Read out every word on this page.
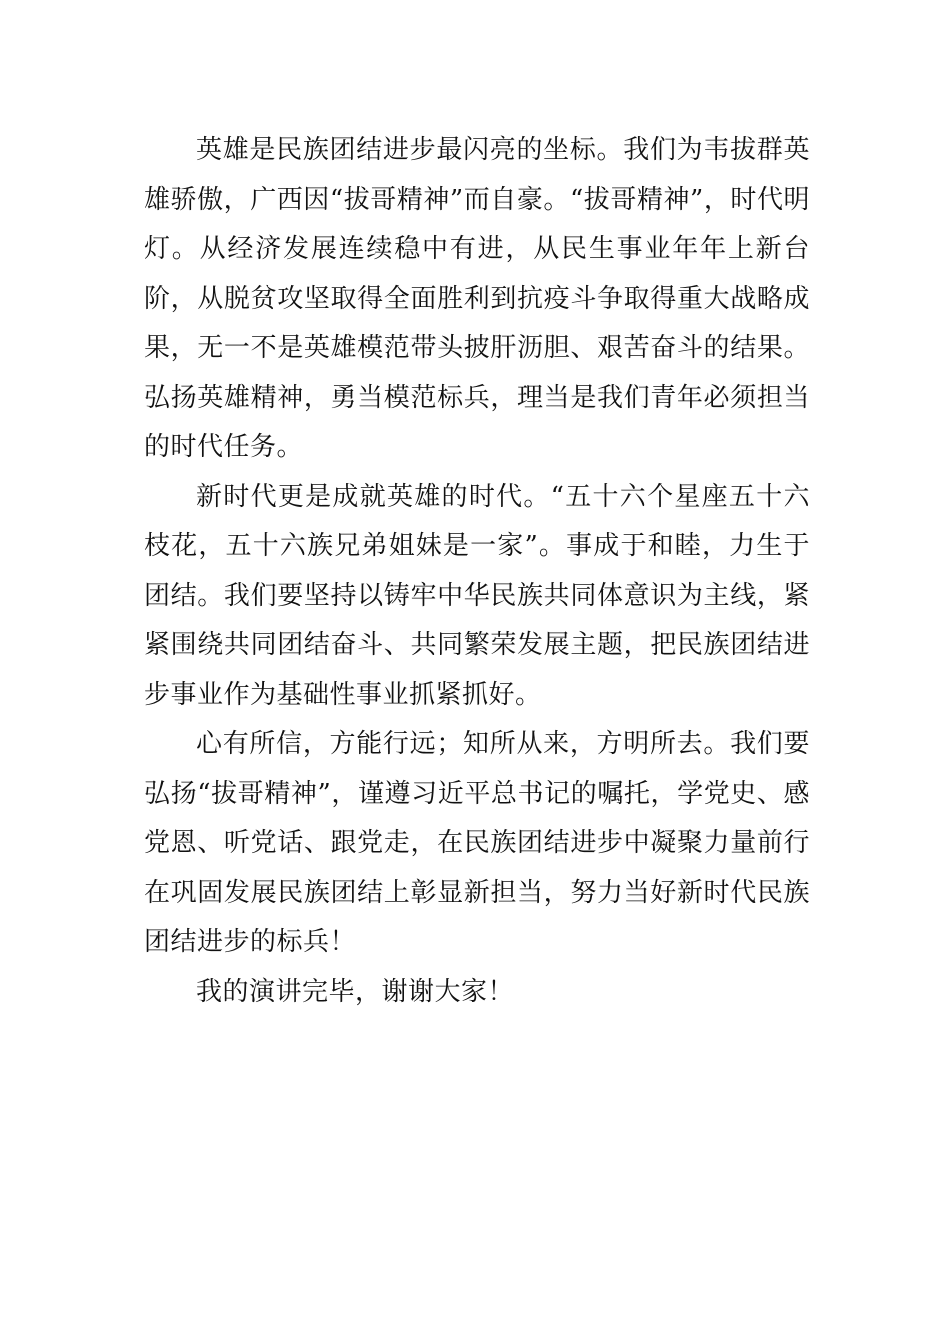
英雄是民族团结进步最闪亮的坐标。我们为韦拔群英雄骄傲，广西因“拔哥精神”而自豪。“拔哥精神”，时代明灯。从经济发展连续稳中有进，从民生事业年年上新台阶，从脱贫攻坚取得全面胜利到抗疫斗争取得重大战略成果，无一不是英雄模范带头披肝沥胆、艰苦奋斗的结果。弘扬英雄精神，勇当模范标兵，理当是我们青年必须担当的时代任务。

新时代更是成就英雄的时代。“五十六个星座五十六枝花，五十六族兄弟姐妹是一家”。事成于和睦，力生于团结。我们要坚持以铸牢中华民族共同体意识为主线，紧紧围绕共同团结奋斗、共同繁荣发展主题，把民族团结进步事业作为基础性事业抓紧抓好。

心有所信，方能行远；知所从来，方明所去。我们要弘扬“拔哥精神”，谨遵习近平总书记的嘱托，学党史、感党恩、听党话、跟党走，在民族团结进步中凝聚力量前行在巩固发展民族团结上彰显新担当，努力当好新时代民族团结进步的标兵！

我的演讲完毕，谢谢大家！
